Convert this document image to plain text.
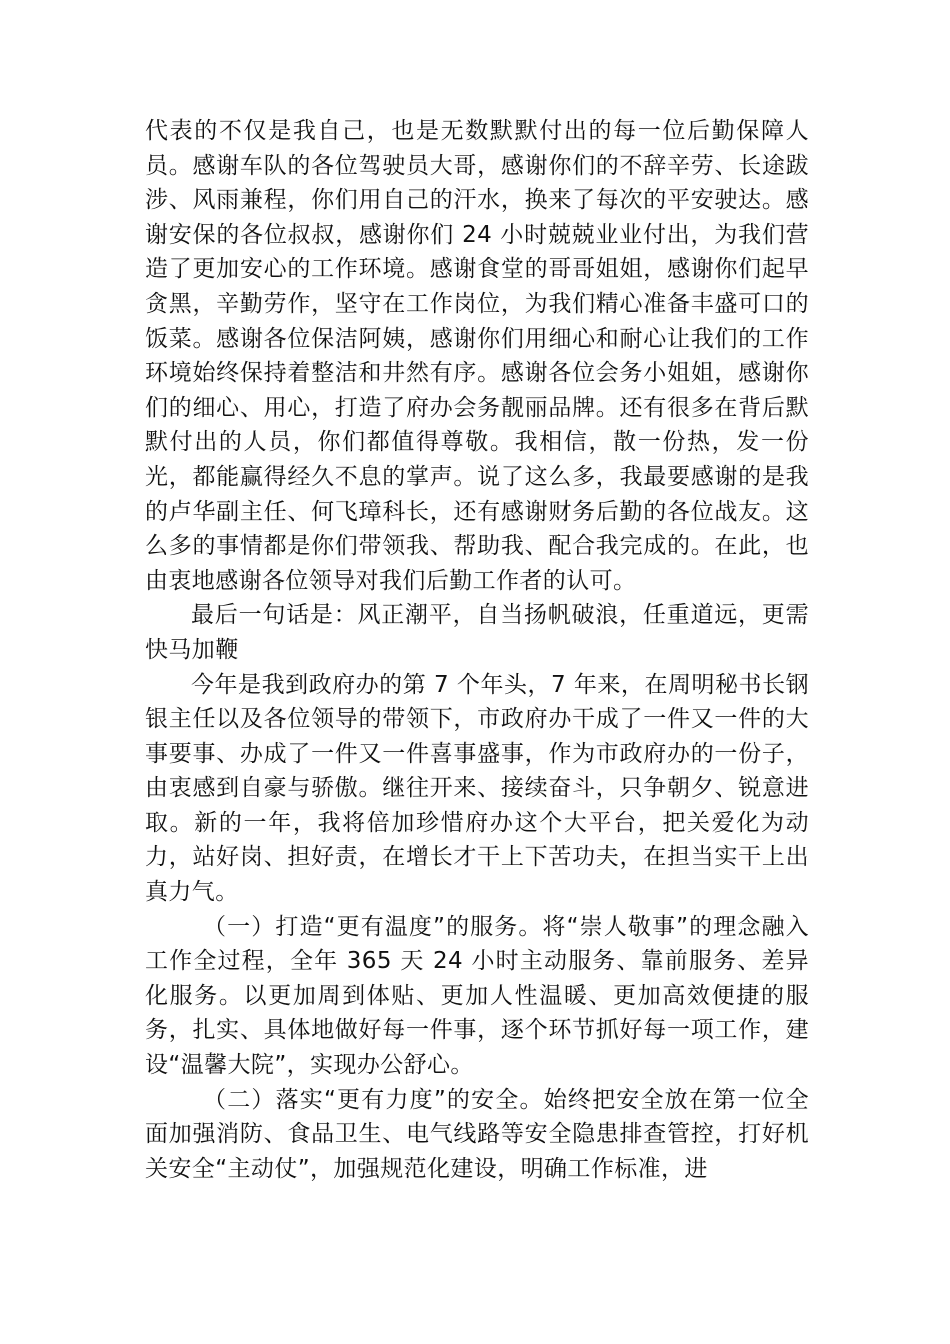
代表的不仅是我自己，也是无数默默付出的每一位后勤保障人员。感谢车队的各位驾驶员大哥，感谢你们的不辞辛劳、长途跋涉、风雨兼程，你们用自己的汗水，换来了每次的平安驶达。感谢安保的各位叔叔，感谢你们 24 小时兢兢业业付出，为我们营造了更加安心的工作环境。感谢食堂的哥哥姐姐，感谢你们起早贪黑，辛勤劳作，坚守在工作岗位，为我们精心准备丰盛可口的饭菜。感谢各位保洁阿姨，感谢你们用细心和耐心让我们的工作环境始终保持着整洁和井然有序。感谢各位会务小姐姐，感谢你们的细心、用心，打造了府办会务靓丽品牌。还有很多在背后默默付出的人员，你们都值得尊敬。我相信，散一份热，发一份光，都能赢得经久不息的掌声。说了这么多，我最要感谢的是我的卢华副主任、何飞璋科长，还有感谢财务后勤的各位战友。这么多的事情都是你们带领我、帮助我、配合我完成的。在此，也由衷地感谢各位领导对我们后勤工作者的认可。

最后一句话是：风正潮平，自当扬帆破浪，任重道远，更需快马加鞭

今年是我到政府办的第 7 个年头，7 年来，在周明秘书长钢银主任以及各位领导的带领下，市政府办干成了一件又一件的大事要事、办成了一件又一件喜事盛事，作为市政府办的一份子，由衷感到自豪与骄傲。继往开来、接续奋斗，只争朝夕、锐意进取。新的一年，我将倍加珍惜府办这个大平台，把关爱化为动力，站好岗、担好责，在增长才干上下苦功夫，在担当实干上出真力气。

（一）打造“更有温度”的服务。将“崇人敬事”的理念融入工作全过程，全年 365 天 24 小时主动服务、靠前服务、差异化服务。以更加周到体贴、更加人性温暖、更加高效便捷的服务，扎实、具体地做好每一件事，逐个环节抓好每一项工作，建设“温馨大院”，实现办公舒心。

（二）落实“更有力度”的安全。始终把安全放在第一位全面加强消防、食品卫生、电气线路等安全隐患排查管控，打好机关安全“主动仗”，加强规范化建设，明确工作标准，进
